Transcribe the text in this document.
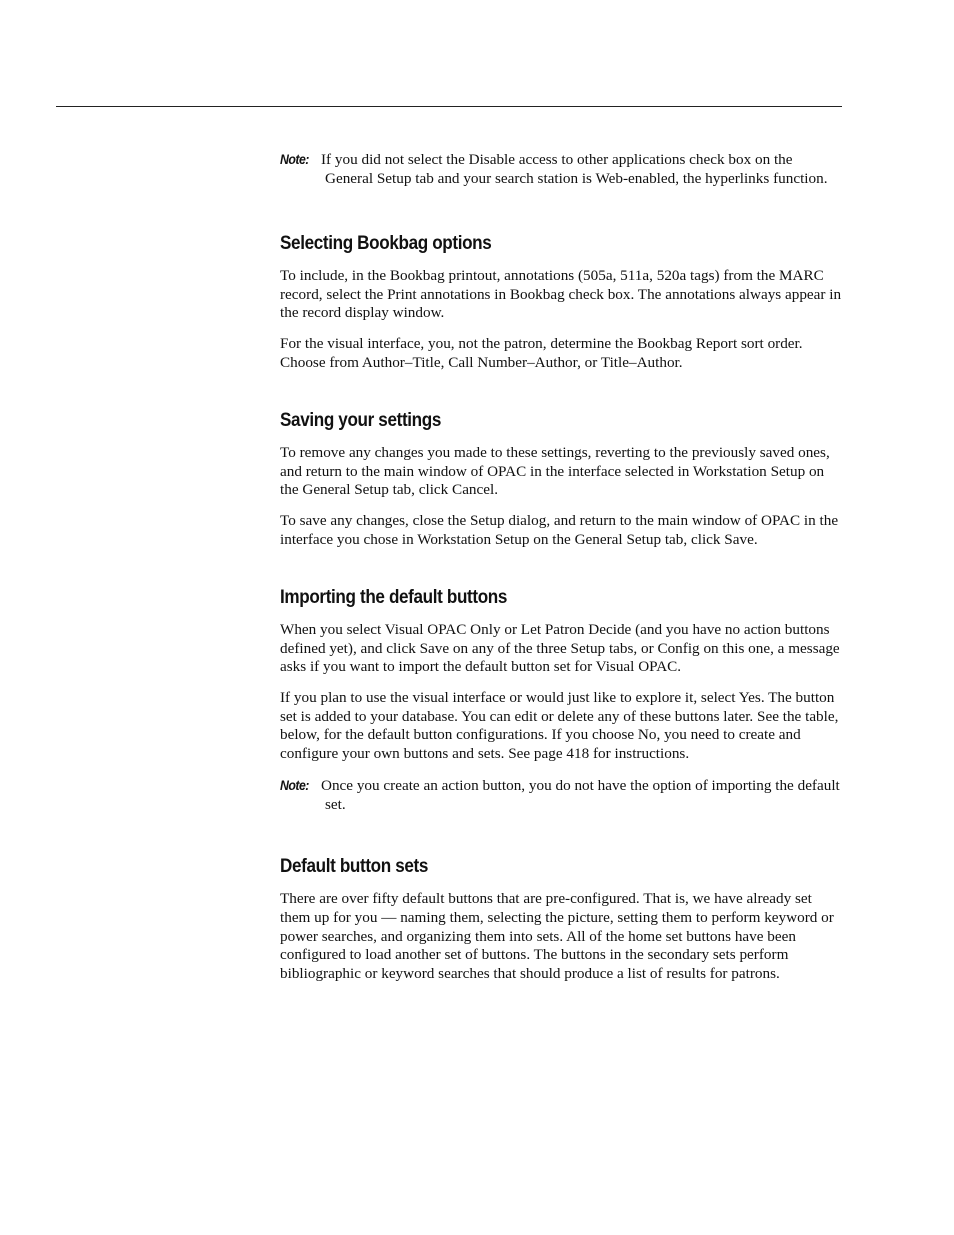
Note: If you did not select the Disable access to other applications check box on the General Setup tab and your search station is Web-enabled, the hyperlinks function.

Selecting Bookbag options

To include, in the Bookbag printout, annotations (505a, 511a, 520a tags) from the MARC record, select the Print annotations in Bookbag check box. The annotations always appear in the record display window.

For the visual interface, you, not the patron, determine the Bookbag Report sort order. Choose from Author–Title, Call Number–Author, or Title–Author.

Saving your settings

To remove any changes you made to these settings, reverting to the previously saved ones, and return to the main window of OPAC in the interface selected in Workstation Setup on the General Setup tab, click Cancel.

To save any changes, close the Setup dialog, and return to the main window of OPAC in the interface you chose in Workstation Setup on the General Setup tab, click Save.

Importing the default buttons

When you select Visual OPAC Only or Let Patron Decide (and you have no action buttons defined yet), and click Save on any of the three Setup tabs, or Config on this one, a message asks if you want to import the default button set for Visual OPAC.

If you plan to use the visual interface or would just like to explore it, select Yes. The button set is added to your database. You can edit or delete any of these buttons later. See the table, below, for the default button configurations. If you choose No, you need to create and configure your own buttons and sets. See page 418 for instructions.

Note: Once you create an action button, you do not have the option of importing the default set.

Default button sets

There are over fifty default buttons that are pre-configured. That is, we have already set them up for you — naming them, selecting the picture, setting them to perform keyword or power searches, and organizing them into sets. All of the home set buttons have been configured to load another set of buttons. The buttons in the secondary sets perform bibliographic or keyword searches that should produce a list of results for patrons.
